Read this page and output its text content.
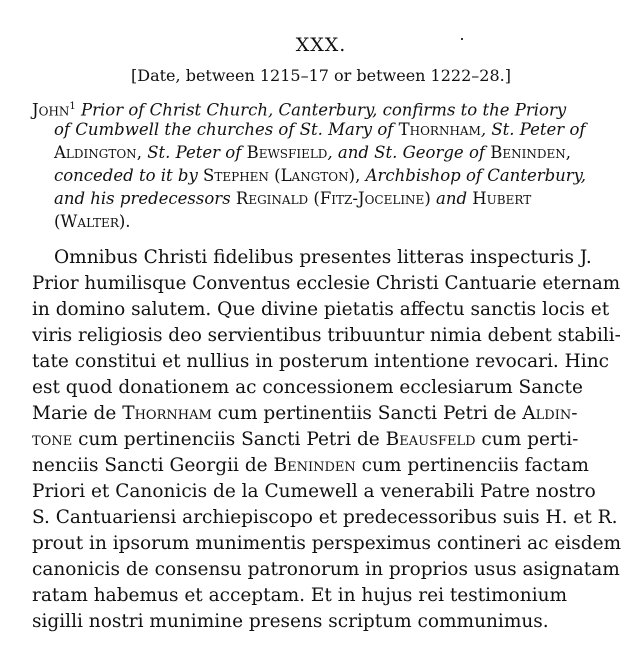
XXX.
[Date, between 1215–17 or between 1222–28.]
John$^1$ Prior of Christ Church, Canterbury, confirms to the Priory
of Cumbwell the churches of St. Mary of Thornham, St. Peter of
Aldington, St. Peter of Bewsfield, and St. George of Beninden,
conceded to it by Stephen (Langton), Archbishop of Canterbury,
and his predecessors Reginald (Fitz-Joceline) and Hubert
(Walter).
Omnibus Christi fidelibus presentes litteras inspecturis J.
Prior humilisque Conventus ecclesie Christi Cantuarie eternam
in domino salutem. Que divine pietatis affectu sanctis locis et
viris religiosis deo servientibus tribuuntur nimia debent stabili-
tate constitui et nullius in posterum intentione revocari. Hinc
est quod donationem ac concessionem ecclesiarum Sancte
Marie de Thornham cum pertinentiis Sancti Petri de Aldin-
tone cum pertinenciis Sancti Petri de Beausfeld cum perti-
nenciis Sancti Georgii de Beninden cum pertinenciis factam
Priori et Canonicis de la Cumewell a venerabili Patre nostro
S. Cantuariensi archiepiscopo et predecessoribus suis H. et R.
prout in ipsorum munimentis perspeximus contineri ac eisdem
canonicis de consensu patronorum in proprios usus asignatam
ratam habemus et acceptam. Et in hujus rei testimonium
sigilli nostri munimine presens scriptum communimus.
